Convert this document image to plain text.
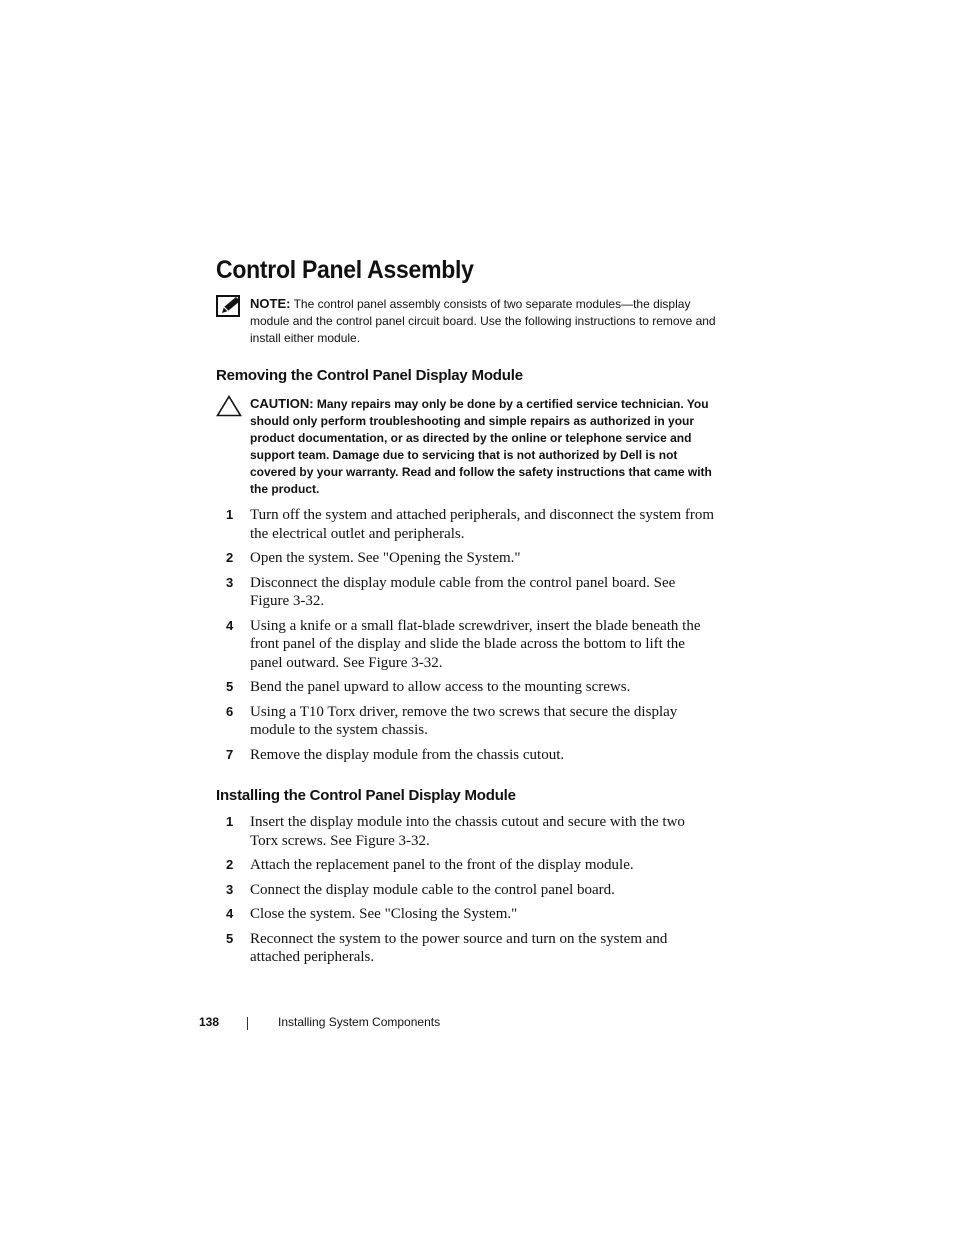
Control Panel Assembly
NOTE: The control panel assembly consists of two separate modules—the display module and the control panel circuit board. Use the following instructions to remove and install either module.
Removing the Control Panel Display Module
CAUTION: Many repairs may only be done by a certified service technician. You should only perform troubleshooting and simple repairs as authorized in your product documentation, or as directed by the online or telephone service and support team. Damage due to servicing that is not authorized by Dell is not covered by your warranty. Read and follow the safety instructions that came with the product.
1 Turn off the system and attached peripherals, and disconnect the system from the electrical outlet and peripherals.
2 Open the system. See "Opening the System."
3 Disconnect the display module cable from the control panel board. See Figure 3-32.
4 Using a knife or a small flat-blade screwdriver, insert the blade beneath the front panel of the display and slide the blade across the bottom to lift the panel outward. See Figure 3-32.
5 Bend the panel upward to allow access to the mounting screws.
6 Using a T10 Torx driver, remove the two screws that secure the display module to the system chassis.
7 Remove the display module from the chassis cutout.
Installing the Control Panel Display Module
1 Insert the display module into the chassis cutout and secure with the two Torx screws. See Figure 3-32.
2 Attach the replacement panel to the front of the display module.
3 Connect the display module cable to the control panel board.
4 Close the system. See "Closing the System."
5 Reconnect the system to the power source and turn on the system and attached peripherals.
138	Installing System Components
